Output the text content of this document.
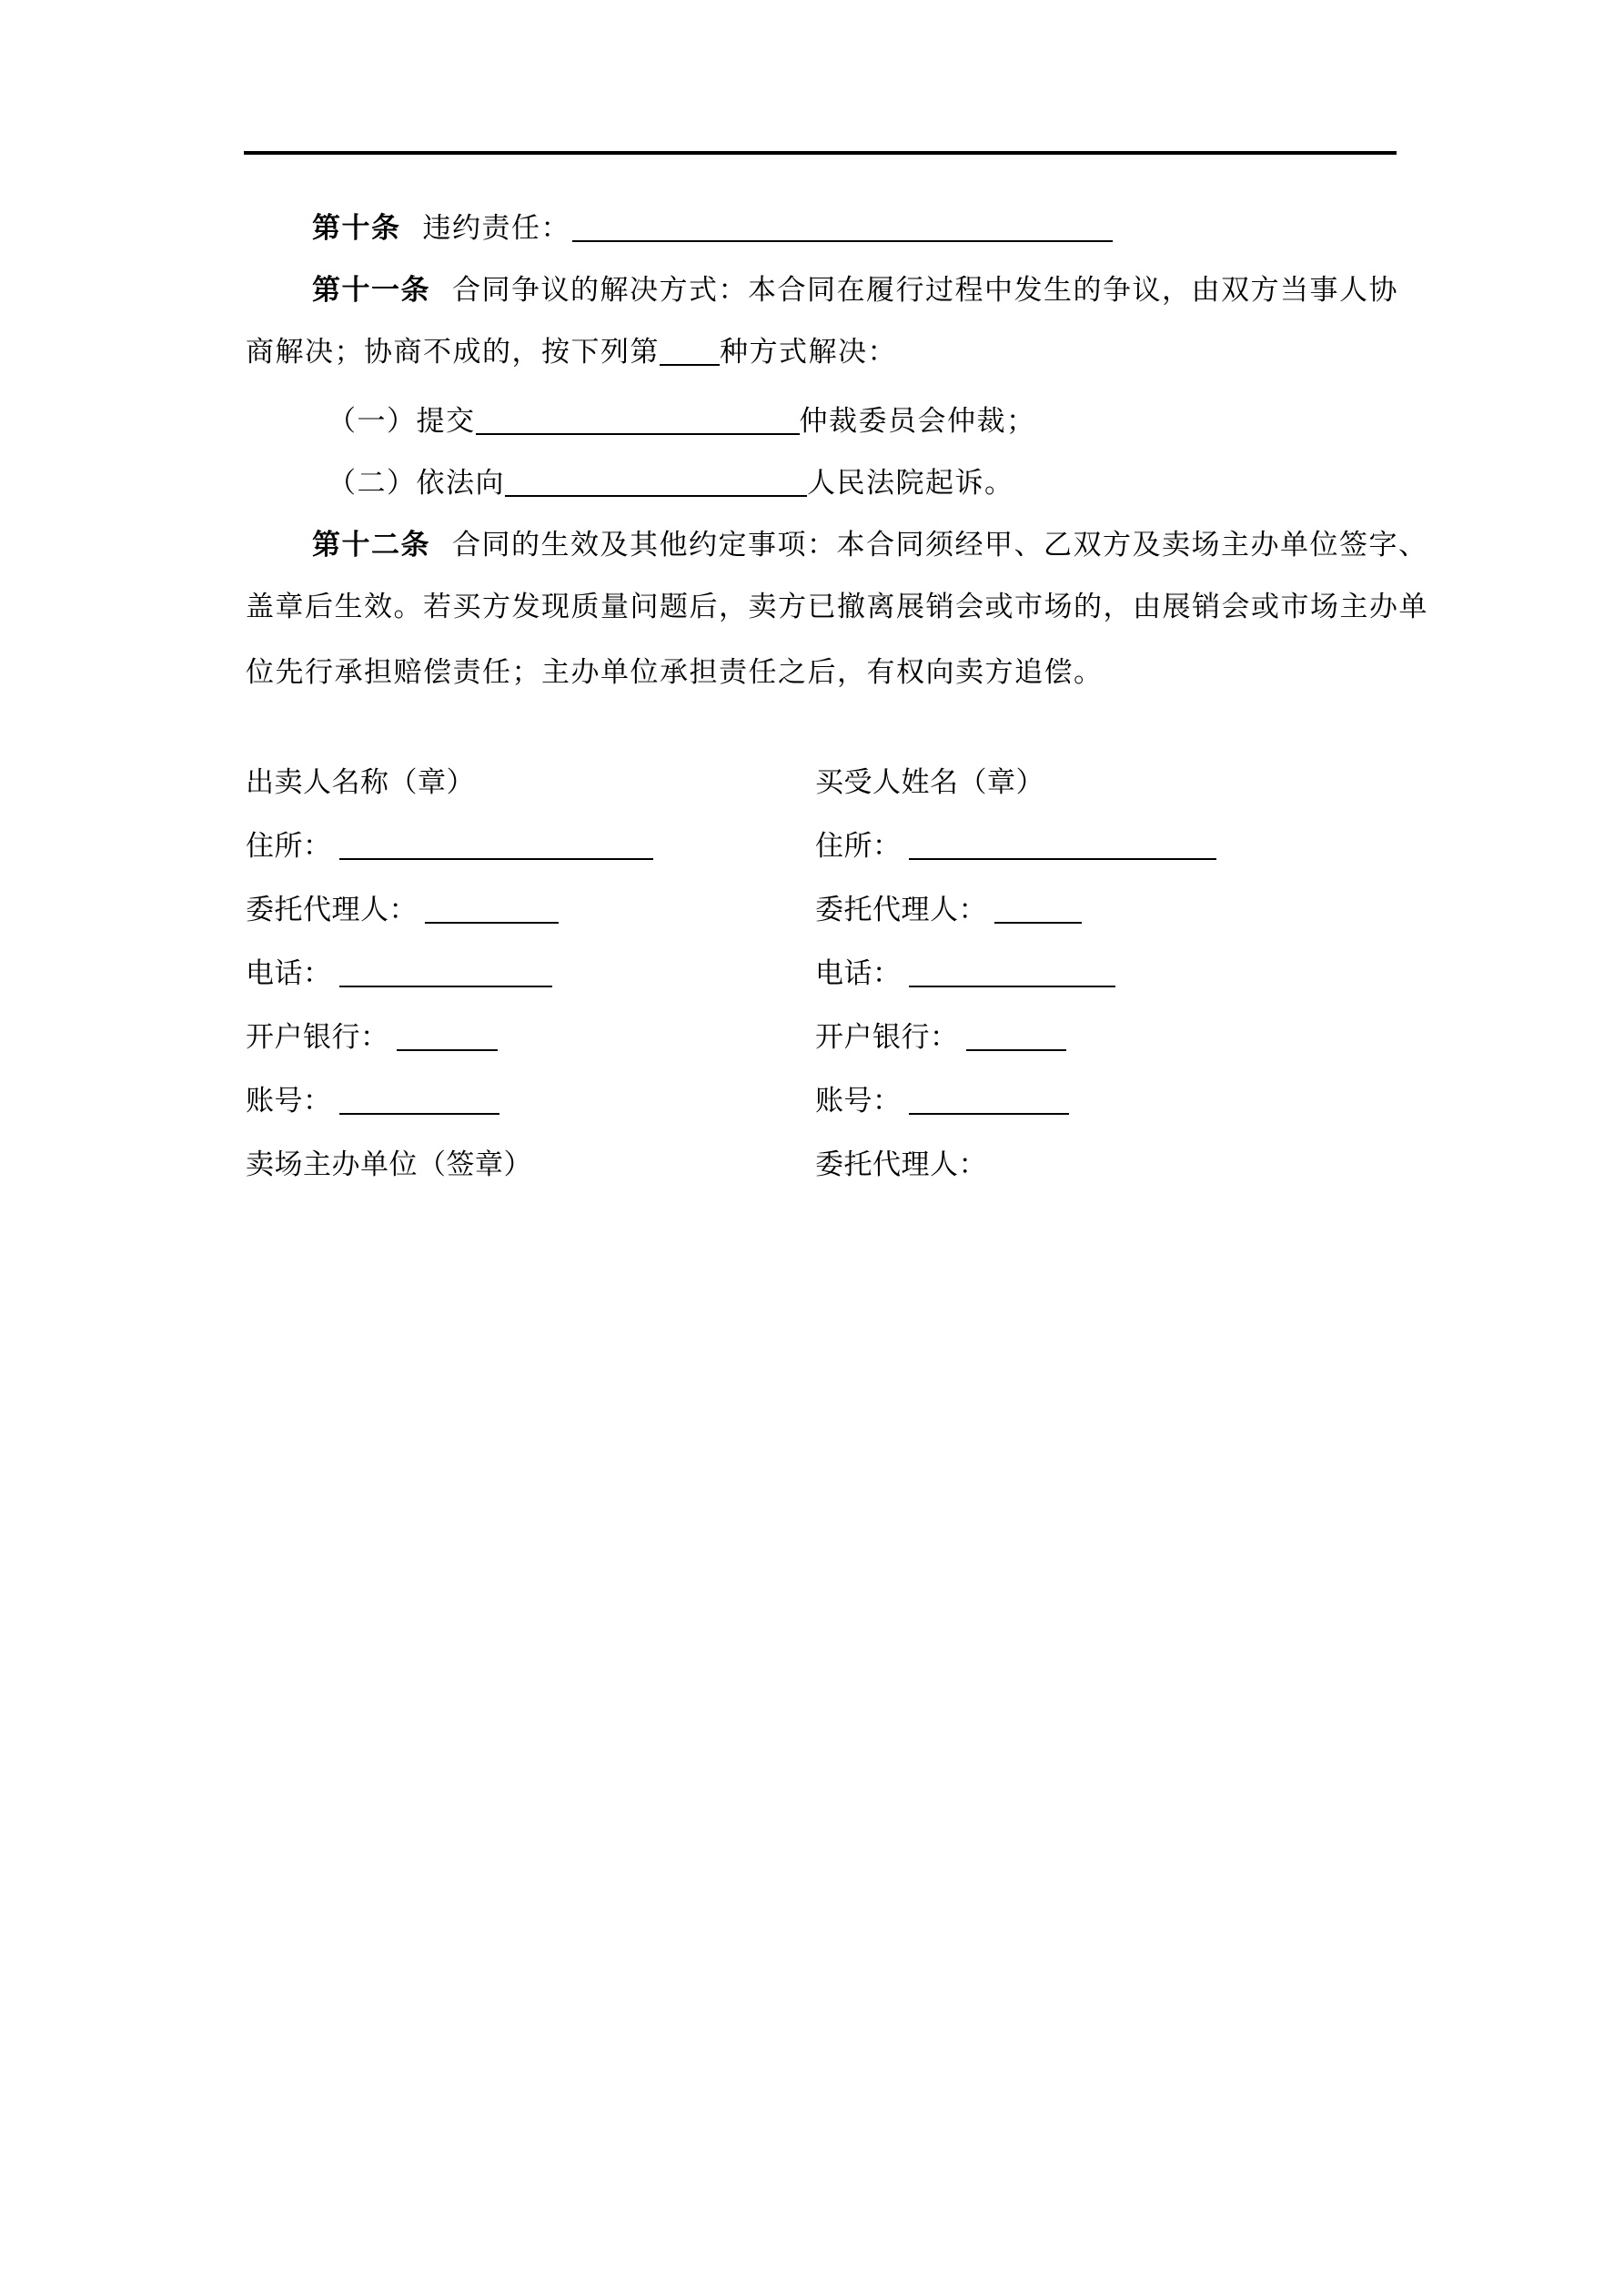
第十条 违约责任：
第十一条 合同争议的解决方式：本合同在履行过程中发生的争议，由双方当事人协
商解决；协商不成的，按下列第 种方式解决：
（一）提交	仲裁委员会仲裁；
（二）依法向	人民法院起诉。
第十二条 合同的生效及其他约定事项：本合同须经甲、乙双方及卖场主办单位签字、
盖章后生效。若买方发现质量问题后，卖方已撤离展销会或市场的，由展销会或市场主办单
位先行承担赔偿责任；主办单位承担责任之后，有权向卖方追偿。
出卖人名称（章）	买受人姓名（章）
住所：	住所：
委托代理人：	委托代理人：
电话：	电话：
开户银行：	开户银行：
账号：	账号：
卖场主办单位（签章）	委托代理人：
